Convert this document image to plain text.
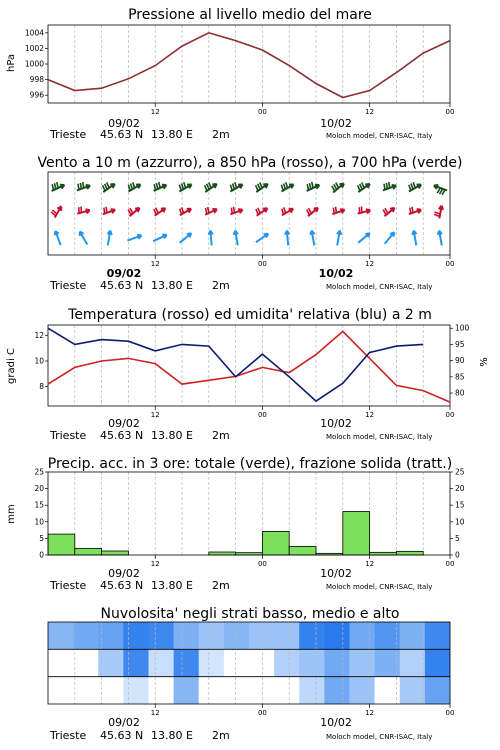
Pressione al livello medio del mare
hPa
996
998
1000
1002
1004
12	00	12	00
09/02	10/02
Trieste 45.63 N 13.80 E 2m	Moloch model, CNR-ISAC, Italy
Vento a 10 m (azzurro), a 850 hPa (rosso), a 700 hPa (verde)
12	00	12	00
09/02	10/02
Trieste 45.63 N 13.80 E 2m	Moloch model, CNR-ISAC, Italy
Temperatura (rosso) ed umidita' relativa (blu) a 2 m
gradi C	%
8
10
12
80
85
90
95
100
12	00	12	00
09/02	10/02
Trieste 45.63 N 13.80 E 2m	Moloch model, CNR-ISAC, Italy
Precip. acc. in 3 ore: totale (verde), frazione solida (tratt.)
mm
0	0
5	5
10	10
15	15
20	20
25	25
12	00	12	00
09/02	10/02
Trieste 45.63 N 13.80 E 2m	Moloch model, CNR-ISAC, Italy
Nuvolosita' negli strati basso, medio e alto
12	00	12	00
09/02	10/02
Trieste 45.63 N 13.80 E 2m	Moloch model, CNR-ISAC, Italy
